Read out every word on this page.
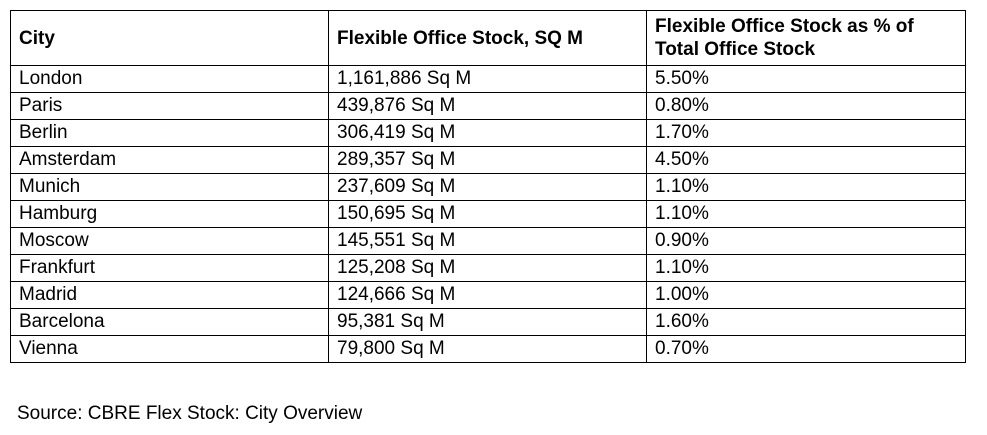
City	Flexible Office Stock, SQ M	Flexible Office Stock as % of Total Office Stock
London	1,161,886 Sq M	5.50%
Paris	439,876 Sq M	0.80%
Berlin	306,419 Sq M	1.70%
Amsterdam	289,357 Sq M	4.50%
Munich	237,609 Sq M	1.10%
Hamburg	150,695 Sq M	1.10%
Moscow	145,551 Sq M	0.90%
Frankfurt	125,208 Sq M	1.10%
Madrid	124,666 Sq M	1.00%
Barcelona	95,381 Sq M	1.60%
Vienna	79,800 Sq M	0.70%
Source: CBRE Flex Stock: City Overview
